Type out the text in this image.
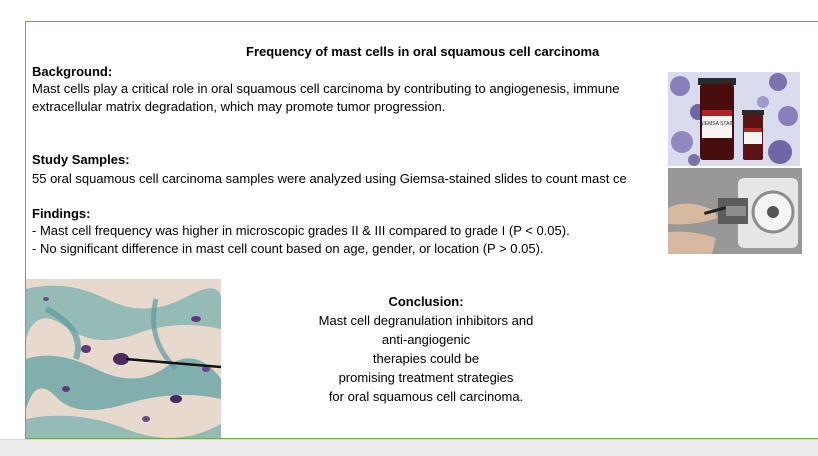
Frequency of mast cells in oral squamous cell carcinoma
Background:
Mast cells play a critical role in oral squamous cell carcinoma by contributing to angiogenesis, immune
extracellular matrix degradation, which may promote tumor progression.
Study Samples:
55 oral squamous cell carcinoma samples were analyzed using Giemsa-stained slides to count mast ce
Findings:
- Mast cell frequency was higher in microscopic grades II & III compared to grade I (P < 0.05).
- No significant difference in mast cell count based on age, gender, or location (P > 0.05).
GIEMSA STAIN
Conclusion:
Mast cell degranulation inhibitors and
anti-angiogenic
therapies could be
promising treatment strategies
for oral squamous cell carcinoma.
